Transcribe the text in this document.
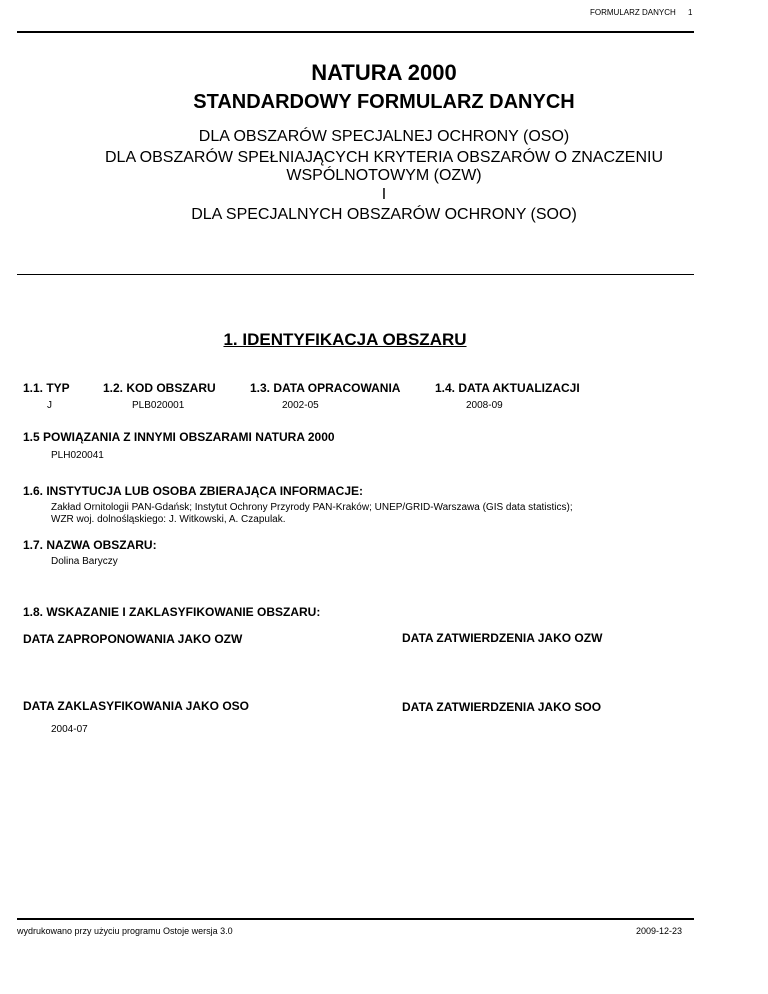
FORMULARZ DANYCH 1
NATURA 2000
STANDARDOWY FORMULARZ DANYCH
DLA OBSZARÓW SPECJALNEJ OCHRONY (OSO)
DLA OBSZARÓW SPEŁNIAJĄCYCH KRYTERIA OBSZARÓW O ZNACZENIU
WSPÓLNOTOWYM (OZW)
I
DLA SPECJALNYCH OBSZARÓW OCHRONY (SOO)
1. IDENTYFIKACJA OBSZARU
1.1. TYP
J
1.2. KOD OBSZARU
PLB020001
1.3. DATA OPRACOWANIA
2002-05
1.4. DATA AKTUALIZACJI
2008-09
1.5 POWIĄZANIA Z INNYMI OBSZARAMI NATURA 2000
PLH020041
1.6. INSTYTUCJA LUB OSOBA ZBIERAJĄCA INFORMACJE:
Zakład Ornitologii PAN-Gdańsk; Instytut Ochrony Przyrody PAN-Kraków; UNEP/GRID-Warszawa (GIS data statistics);
WZR woj. dolnośląskiego: J. Witkowski, A. Czapulak.
1.7. NAZWA OBSZARU:
Dolina Baryczy
1.8. WSKAZANIE I ZAKLASYFIKOWANIE OBSZARU:
DATA ZAPROPONOWANIA JAKO OZW	DATA ZATWIERDZENIA JAKO OZW
DATA ZAKLASYFIKOWANIA JAKO OSO
2004-07
DATA ZATWIERDZENIA JAKO SOO
wydrukowano przy użyciu programu Ostoje wersja 3.0	2009-12-23
